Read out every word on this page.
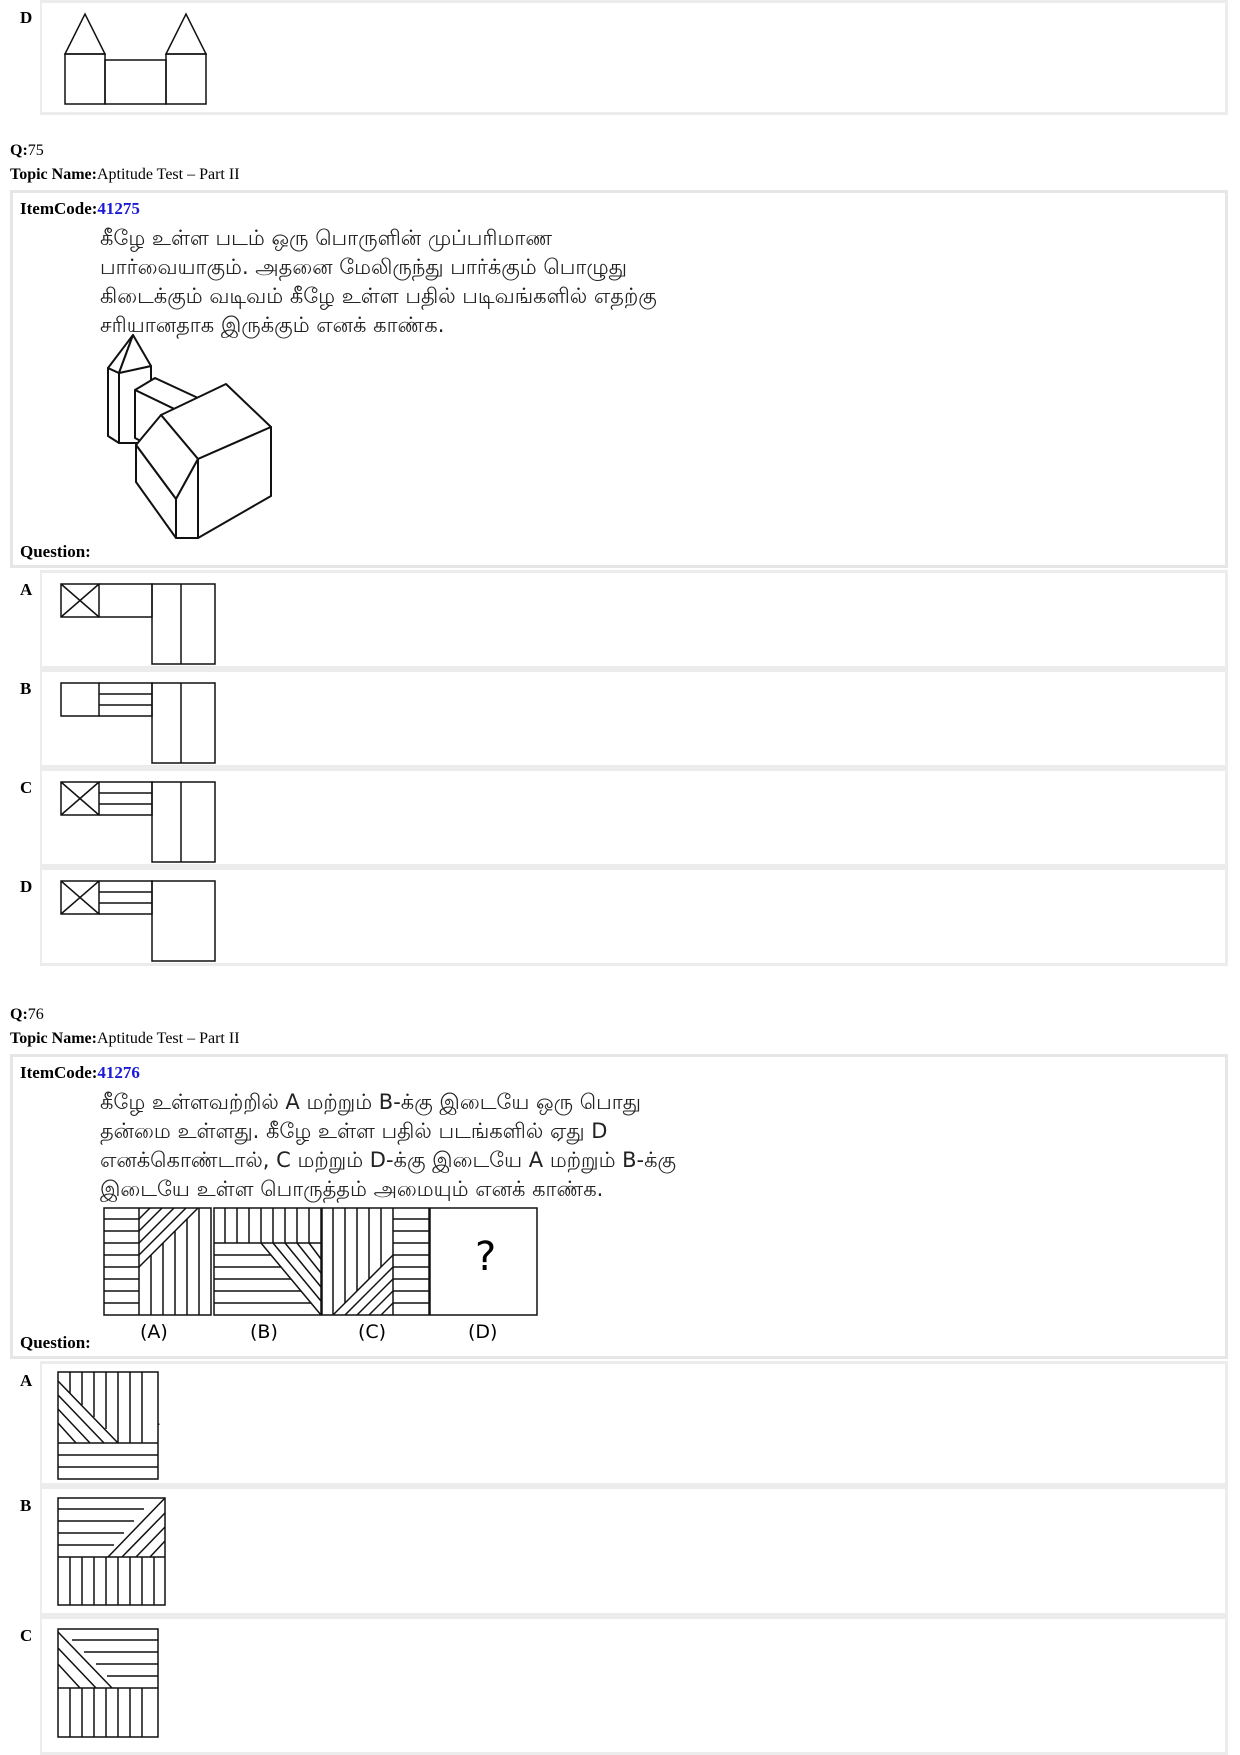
D
Q:75
Topic Name:Aptitude Test – Part II
ItemCode:41275
கீழே உள்ள படம் ஒரு பொருளின் முப்பரிமாண
பார்வையாகும். அதனை மேலிருந்து பார்க்கும் பொழுது
கிடைக்கும் வடிவம் கீழே உள்ள பதில் படிவங்களில் எதற்கு
சரியானதாக இருக்கும் எனக் காண்க.
Question:
A
B
C
D
Q:76
Topic Name:Aptitude Test – Part II
ItemCode:41276
கீழே உள்ளவற்றில் A மற்றும் B-க்கு இடையே ஒரு பொது
தன்மை உள்ளது. கீழே உள்ள பதில் படங்களில் ஏது D
எனக்கொண்டால், C மற்றும் D-க்கு இடையே A மற்றும் B-க்கு
இடையே உள்ள பொருத்தம் அமையும் எனக் காண்க.
?
(A)	(B)	(C)	(D)
Question:
A
.
B
C
